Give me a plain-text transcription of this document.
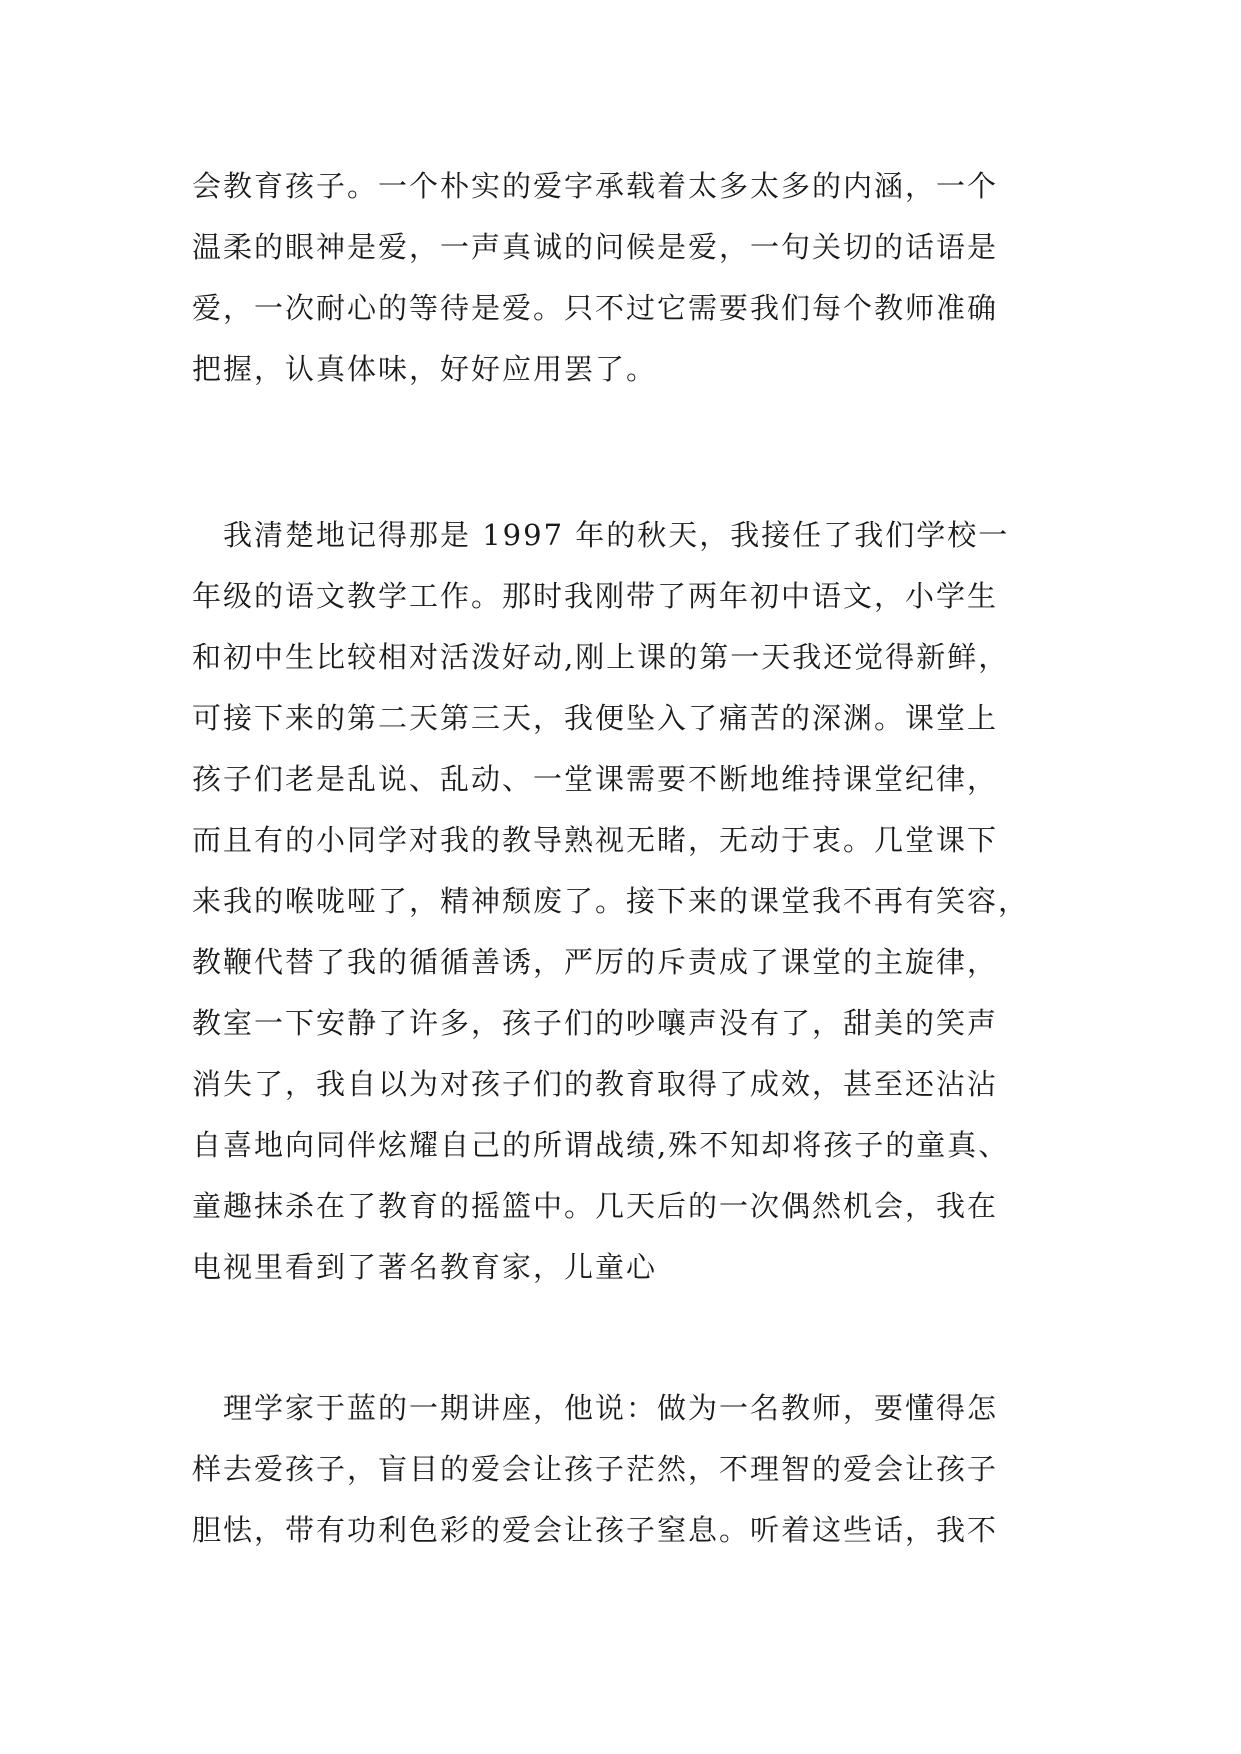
会教育孩子。一个朴实的爱字承载着太多太多的内涵，一个
温柔的眼神是爱，一声真诚的问候是爱，一句关切的话语是
爱，一次耐心的等待是爱。只不过它需要我们每个教师准确
把握，认真体味，好好应用罢了。
　我清楚地记得那是 1997 年的秋天，我接任了我们学校一
年级的语文教学工作。那时我刚带了两年初中语文，小学生
和初中生比较相对活泼好动,刚上课的第一天我还觉得新鲜，
可接下来的第二天第三天，我便坠入了痛苦的深渊。课堂上
孩子们老是乱说、乱动、一堂课需要不断地维持课堂纪律，
而且有的小同学对我的教导熟视无睹，无动于衷。几堂课下
来我的喉咙哑了，精神颓废了。接下来的课堂我不再有笑容，
教鞭代替了我的循循善诱，严厉的斥责成了课堂的主旋律，
教室一下安静了许多，孩子们的吵嚷声没有了，甜美的笑声
消失了，我自以为对孩子们的教育取得了成效，甚至还沾沾
自喜地向同伴炫耀自己的所谓战绩,殊不知却将孩子的童真、
童趣抹杀在了教育的摇篮中。几天后的一次偶然机会，我在
电视里看到了著名教育家，儿童心
　理学家于蓝的一期讲座，他说：做为一名教师，要懂得怎
样去爱孩子，盲目的爱会让孩子茫然，不理智的爱会让孩子
胆怯，带有功利色彩的爱会让孩子窒息。听着这些话，我不
